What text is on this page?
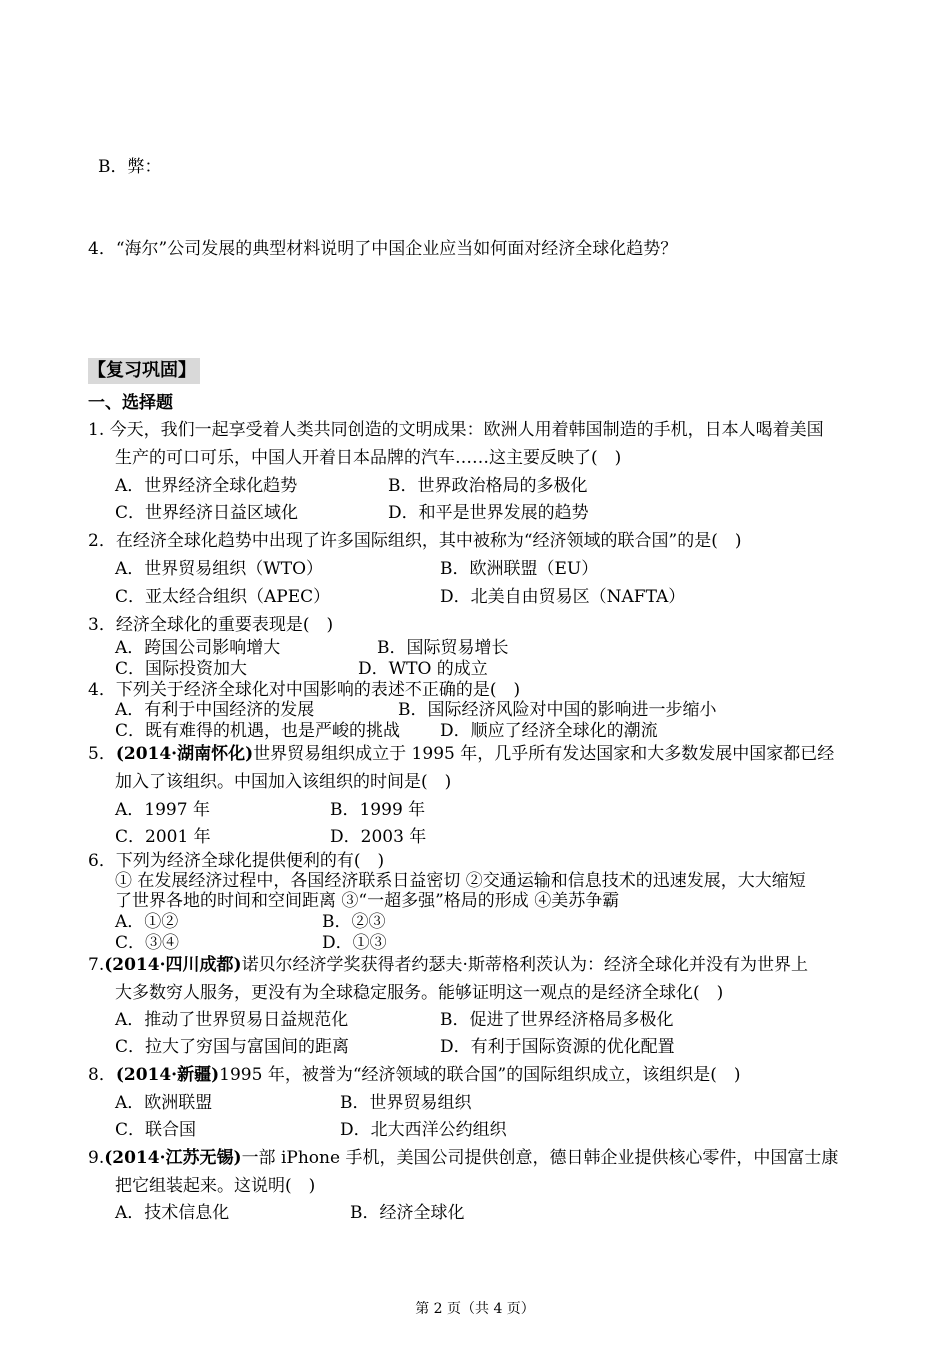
B．弊：
4．“海尔”公司发展的典型材料说明了中国企业应当如何面对经济全球化趋势？
【复习巩固】
一、选择题
1. 今天，我们一起享受着人类共同创造的文明成果：欧洲人用着韩国制造的手机，日本人喝着美国
生产的可口可乐，中国人开着日本品牌的汽车……这主要反映了(　)
A．世界经济全球化趋势	B．世界政治格局的多极化
C．世界经济日益区域化	D．和平是世界发展的趋势
2．在经济全球化趋势中出现了许多国际组织，其中被称为“经济领域的联合国”的是(　)
A．世界贸易组织（WTO）	B．欧洲联盟（EU）
C．亚太经合组织（APEC）	D．北美自由贸易区（NAFTA）
3．经济全球化的重要表现是(　)
A．跨国公司影响增大	B．国际贸易增长
C．国际投资加大	D．WTO 的成立
4．下列关于经济全球化对中国影响的表述不正确的是(　)
A．有利于中国经济的发展	B．国际经济风险对中国的影响进一步缩小
C．既有难得的机遇，也是严峻的挑战 D．顺应了经济全球化的潮流
5．(2014·湖南怀化)世界贸易组织成立于 1995 年，几乎所有发达国家和大多数发展中国家都已经
加入了该组织。中国加入该组织的时间是(　)
A．1997 年	B．1999 年
C．2001 年	D．2003 年
6．下列为经济全球化提供便利的有(　)
① 在发展经济过程中，各国经济联系日益密切 ②交通运输和信息技术的迅速发展，大大缩短
了世界各地的时间和空间距离 ③“一超多强”格局的形成 ④美苏争霸
A．①②	B．②③
C．③④	D．①③
7.(2014·四川成都)诺贝尔经济学奖获得者约瑟夫·斯蒂格利茨认为：经济全球化并没有为世界上
大多数穷人服务，更没有为全球稳定服务。能够证明这一观点的是经济全球化(　)
A．推动了世界贸易日益规范化	B．促进了世界经济格局多极化
C．拉大了穷国与富国间的距离	D．有利于国际资源的优化配置
8．(2014·新疆)1995 年，被誉为“经济领域的联合国”的国际组织成立，该组织是(　)
A．欧洲联盟	B．世界贸易组织
C．联合国	D．北大西洋公约组织
9.(2014·江苏无锡)一部 iPhone 手机，美国公司提供创意，德日韩企业提供核心零件，中国富士康
把它组装起来。这说明(　)
A．技术信息化	B．经济全球化
第 2 页（共 4 页）
